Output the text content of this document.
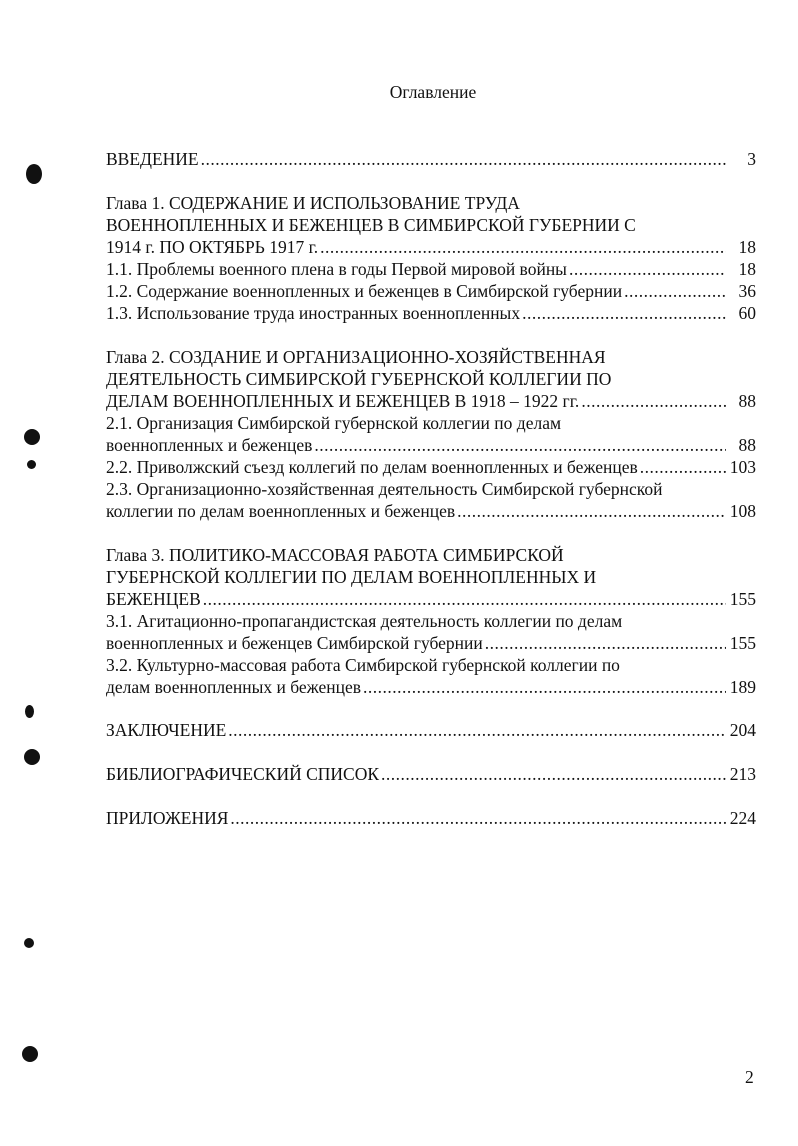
Оглавление
ВВЕДЕНИЕ .....	3
Глава 1. СОДЕРЖАНИЕ И ИСПОЛЬЗОВАНИЕ ТРУДА
ВОЕННОПЛЕННЫХ И БЕЖЕНЦЕВ В СИМБИРСКОЙ ГУБЕРНИИ С
1914 г. ПО ОКТЯБРЬ 1917 г. .....	18
1.1. Проблемы военного плена в годы Первой мировой войны .....	18
1.2. Содержание военнопленных и беженцев в Симбирской губернии .....	36
1.3. Использование труда иностранных военнопленных .....	60
Глава 2. СОЗДАНИЕ И ОРГАНИЗАЦИОННО-ХОЗЯЙСТВЕННАЯ
ДЕЯТЕЛЬНОСТЬ СИМБИРСКОЙ ГУБЕРНСКОЙ КОЛЛЕГИИ ПО
ДЕЛАМ ВОЕННОПЛЕННЫХ И БЕЖЕНЦЕВ В 1918 – 1922 гг. .....	88
2.1. Организация Симбирской губернской коллегии по делам
военнопленных и беженцев .....	88
2.2. Приволжский съезд коллегий по делам военнопленных и беженцев .....	103
2.3. Организационно-хозяйственная деятельность Симбирской губернской
коллегии по делам военнопленных и беженцев .....	108
Глава 3. ПОЛИТИКО-МАССОВАЯ РАБОТА СИМБИРСКОЙ
ГУБЕРНСКОЙ КОЛЛЕГИИ ПО ДЕЛАМ ВОЕННОПЛЕННЫХ И
БЕЖЕНЦЕВ .....	155
3.1. Агитационно-пропагандистская деятельность коллегии по делам
военнопленных и беженцев Симбирской губернии .....	155
3.2. Культурно-массовая работа Симбирской губернской коллегии по
делам военнопленных и беженцев .....	189
ЗАКЛЮЧЕНИЕ .....	204
БИБЛИОГРАФИЧЕСКИЙ СПИСОК .....	213
ПРИЛОЖЕНИЯ .....	224
2
